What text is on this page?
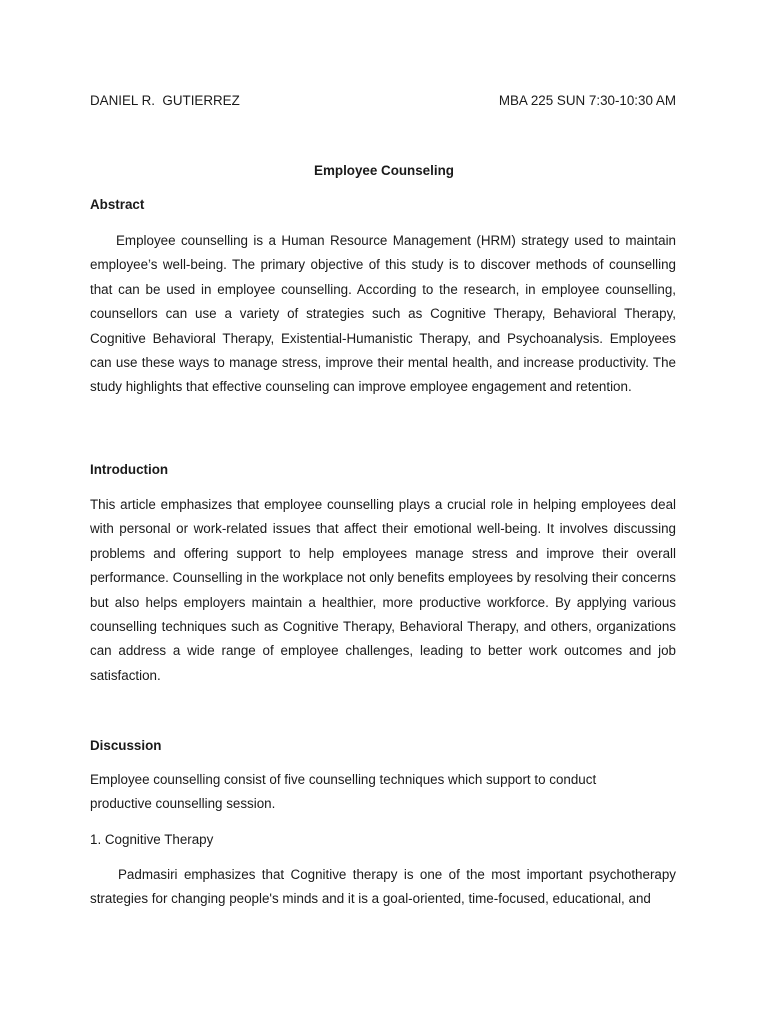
DANIEL R.  GUTIERREZ	MBA 225 SUN 7:30-10:30 AM
Employee Counseling
Abstract

Employee counselling is a Human Resource Management (HRM) strategy used to maintain employee’s well-being. The primary objective of this study is to discover methods of counselling that can be used in employee counselling. According to the research, in employee counselling, counsellors can use a variety of strategies such as Cognitive Therapy, Behavioral Therapy, Cognitive Behavioral Therapy, Existential-Humanistic Therapy, and Psychoanalysis. Employees can use these ways to manage stress, improve their mental health, and increase productivity. The study highlights that effective counseling can improve employee engagement and retention.

Introduction

This article emphasizes that employee counselling plays a crucial role in helping employees deal with personal or work-related issues that affect their emotional well-being. It involves discussing problems and offering support to help employees manage stress and improve their overall performance. Counselling in the workplace not only benefits employees by resolving their concerns but also helps employers maintain a healthier, more productive workforce. By applying various counselling techniques such as Cognitive Therapy, Behavioral Therapy, and others, organizations can address a wide range of employee challenges, leading to better work outcomes and job satisfaction.

Discussion
Employee counselling consist of five counselling techniques which support to conduct
productive counselling session.
1. Cognitive Therapy

Padmasiri emphasizes that Cognitive therapy is one of the most important psychotherapy strategies for changing people's minds and it is a goal-oriented, time-focused, educational, and
